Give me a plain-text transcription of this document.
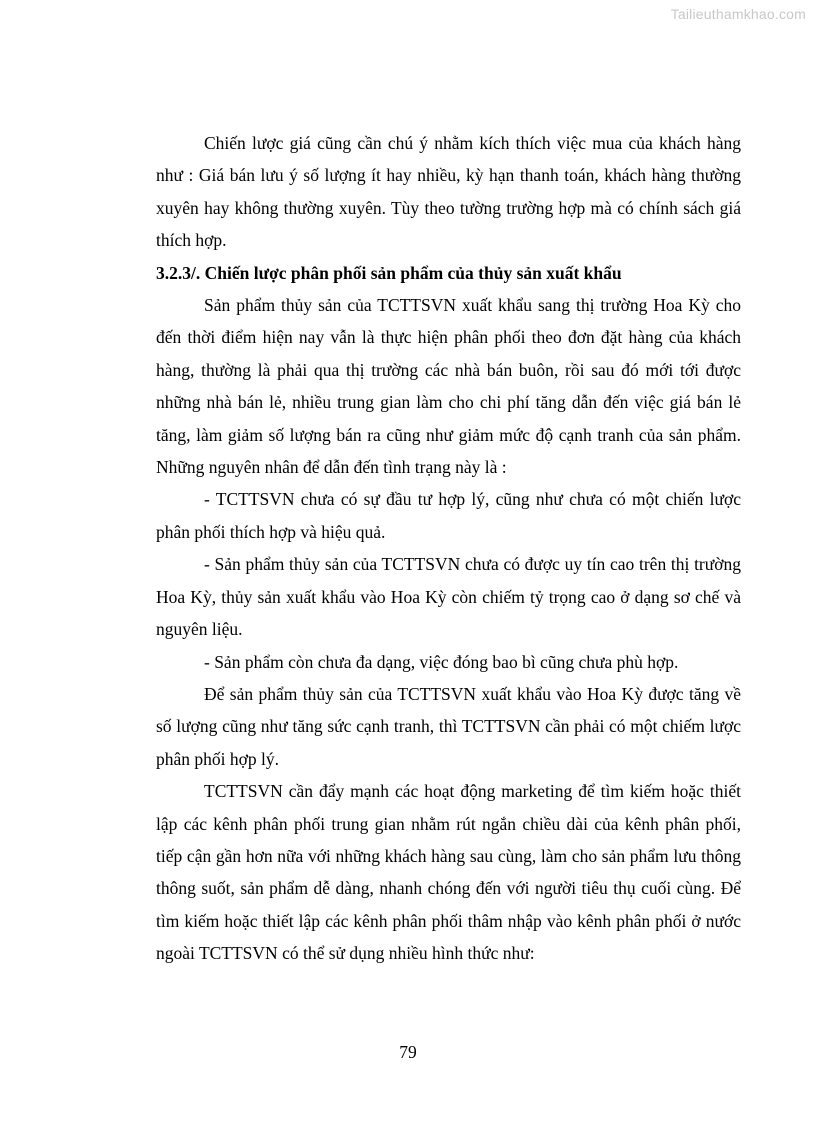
Tailieuthamkhao.com

Chiến lược giá cũng cần chú ý nhằm kích thích việc mua của khách hàng như : Giá bán lưu ý số lượng ít hay nhiều, kỳ hạn thanh toán, khách hàng thường xuyên hay không thường xuyên. Tùy theo tường trường hợp mà có chính sách giá thích hợp.

3.2.3/. Chiến lược phân phối sản phẩm của thủy sản xuất khẩu

Sản phẩm thủy sản của TCTTSVN xuất khẩu sang thị trường Hoa Kỳ cho đến thời điểm hiện nay vẫn là thực hiện phân phối theo đơn đặt hàng của khách hàng, thường là phải qua thị trường các nhà bán buôn, rồi sau đó mới tới được những nhà bán lẻ, nhiều trung gian làm cho chi phí tăng dẫn đến việc giá bán lẻ tăng, làm giảm số lượng bán ra cũng như giảm mức độ cạnh tranh của sản phẩm. Những nguyên nhân để dẫn đến tình trạng này là :

- TCTTSVN chưa có sự đầu tư hợp lý, cũng như chưa có một chiến lược phân phối thích hợp và hiệu quả.

- Sản phẩm thủy sản của TCTTSVN chưa có được uy tín cao trên thị trường Hoa Kỳ, thủy sản xuất khẩu vào Hoa Kỳ còn chiếm tỷ trọng cao ở dạng sơ chế và nguyên liệu.

- Sản phẩm còn chưa đa dạng, việc đóng bao bì cũng chưa phù hợp.

Để sản phẩm thủy sản của TCTTSVN xuất khẩu vào Hoa Kỳ được tăng về số lượng cũng như tăng sức cạnh tranh, thì TCTTSVN cần phải có một chiếm lược phân phối hợp lý.

TCTTSVN cần đẩy mạnh các hoạt động marketing để tìm kiếm hoặc thiết lập các kênh phân phối trung gian nhằm rút ngắn chiều dài của kênh phân phối, tiếp cận gần hơn nữa với những khách hàng sau cùng, làm cho sản phẩm lưu thông thông suốt, sản phẩm dễ dàng, nhanh chóng đến với người tiêu thụ cuối cùng. Để tìm kiếm hoặc thiết lập các kênh phân phối thâm nhập vào kênh phân phối ở nước ngoài TCTTSVN có thể sử dụng nhiều hình thức như:

79
